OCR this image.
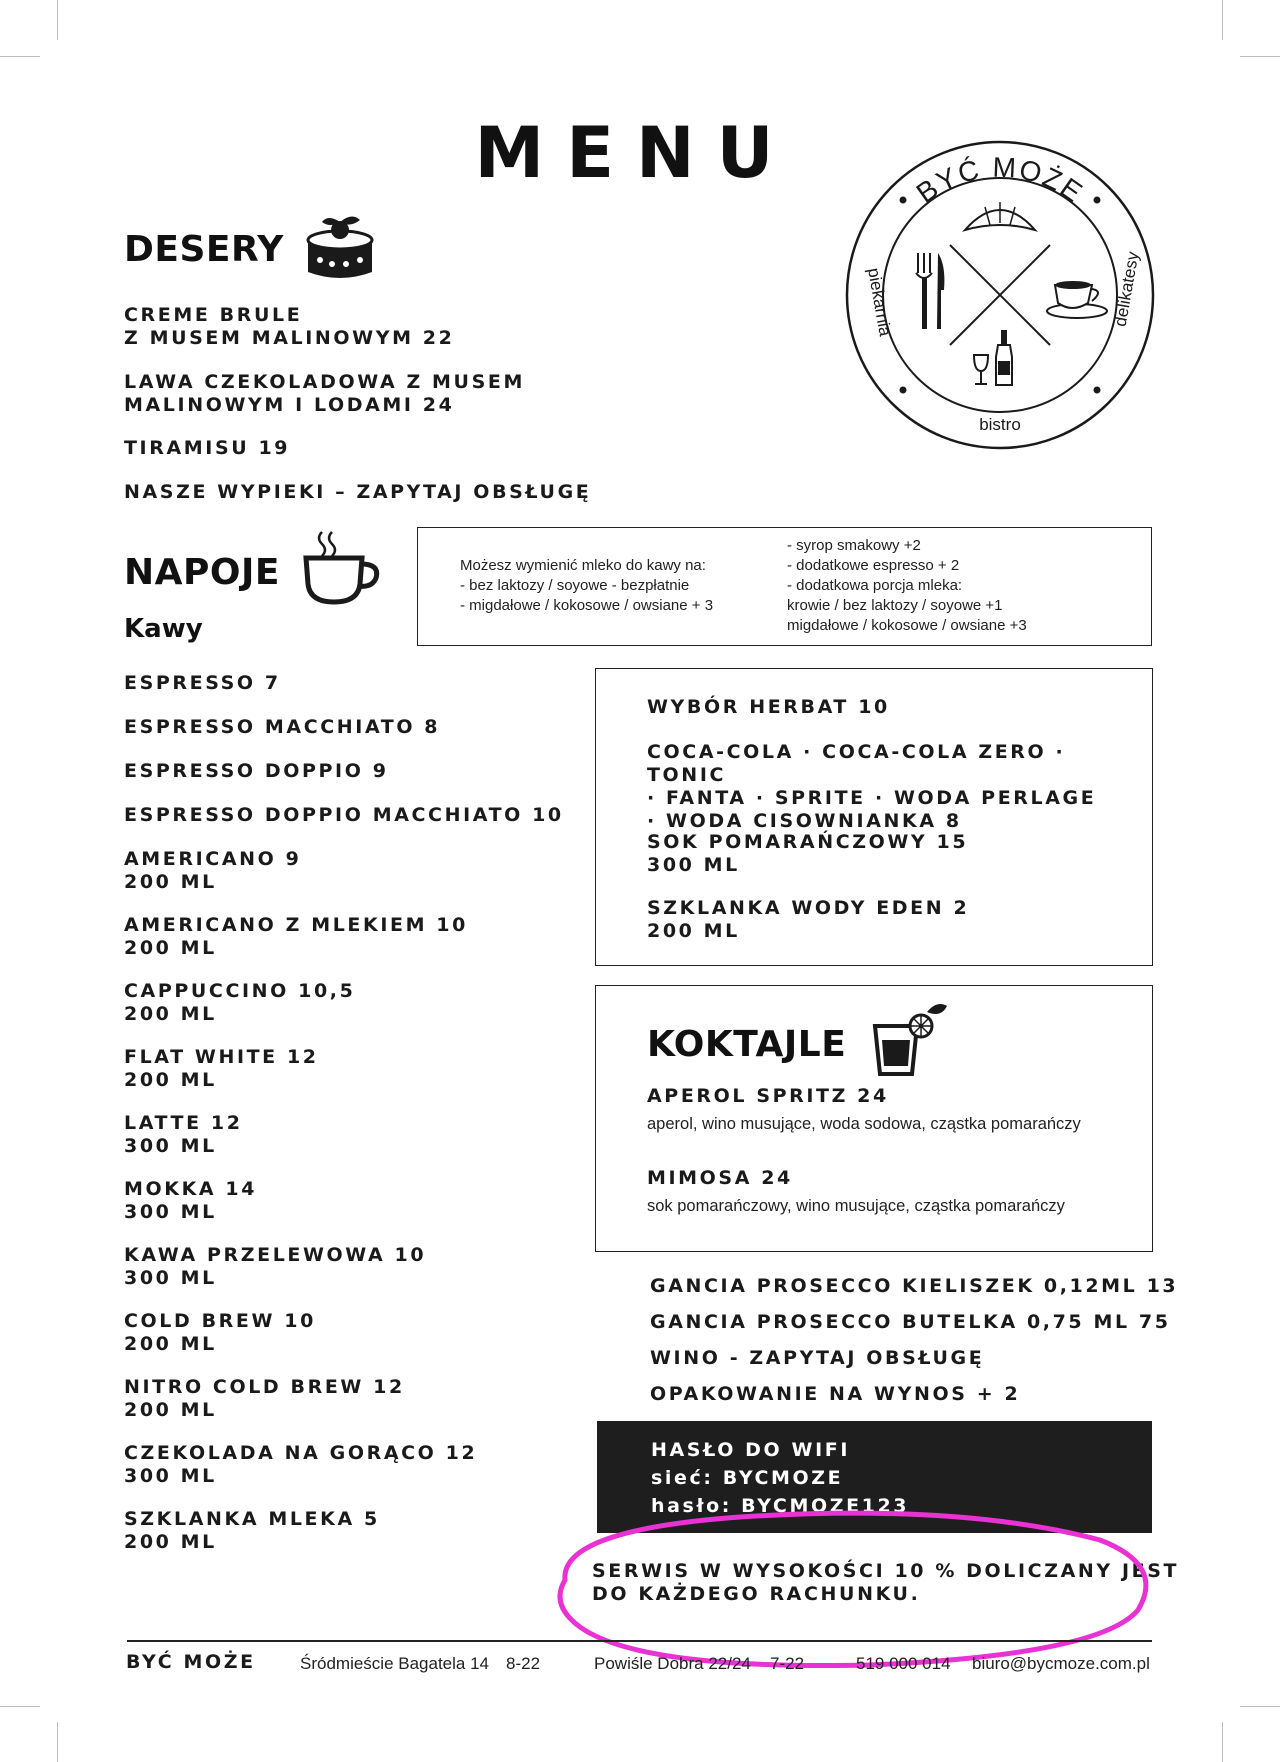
MENU	BYĆ MOŻE
piekarnia	delikatesy
bistro
DESERY
CREME BRULE
Z MUSEM MALINOWYM 22
LAWA CZEKOLADOWA Z MUSEM
MALINOWYM I LODAMI 24
TIRAMISU 19
NASZE WYPIEKI – ZAPYTAJ OBSŁUGĘ
NAPOJE
Kawy
ESPRESSO 7
ESPRESSO MACCHIATO 8
ESPRESSO DOPPIO 9
ESPRESSO DOPPIO MACCHIATO 10
AMERICANO 9
200 ML
AMERICANO Z MLEKIEM 10
200 ML
CAPPUCCINO 10,5
200 ML
FLAT WHITE 12
200 ML
LATTE 12
300 ML
MOKKA 14
300 ML
KAWA PRZELEWOWA 10
300 ML
COLD BREW 10
200 ML
NITRO COLD BREW 12
200 ML
CZEKOLADA NA GORĄCO 12
300 ML
SZKLANKA MLEKA 5
200 ML
Możesz wymienić mleko do kawy na:
- bez laktozy / soyowe - bezpłatnie
- migdałowe / kokosowe / owsiane + 3
- syrop smakowy +2
- dodatkowe espresso + 2
- dodatkowa porcja mleka:
krowie / bez laktozy / soyowe +1
migdałowe / kokosowe / owsiane +3
WYBÓR HERBAT 10
COCA-COLA · COCA-COLA ZERO · TONIC
· FANTA · SPRITE · WODA PERLAGE
· WODA CISOWNIANKA 8
SOK POMARAŃCZOWY 15
300 ML
SZKLANKA WODY EDEN 2
200 ML
KOKTAJLE
APEROL SPRITZ 24
aperol, wino musujące, woda sodowa, cząstka pomarańczy
MIMOSA 24
sok pomarańczowy, wino musujące, cząstka pomarańczy
GANCIA PROSECCO KIELISZEK 0,12ML 13
GANCIA PROSECCO BUTELKA 0,75 ML 75
WINO - ZAPYTAJ OBSŁUGĘ
OPAKOWANIE NA WYNOS + 2
HASŁO DO WIFI
sieć: BYCMOZE
hasło: BYCMOZE123
SERWIS W WYSOKOŚCI 10 % DOLICZANY JEST
DO KAŻDEGO RACHUNKU.
BYĆ MOŻE	Śródmieście Bagatela 14 8-22	Powiśle Dobra 22/24 7-22	519 000 014 biuro@bycmoze.com.pl
